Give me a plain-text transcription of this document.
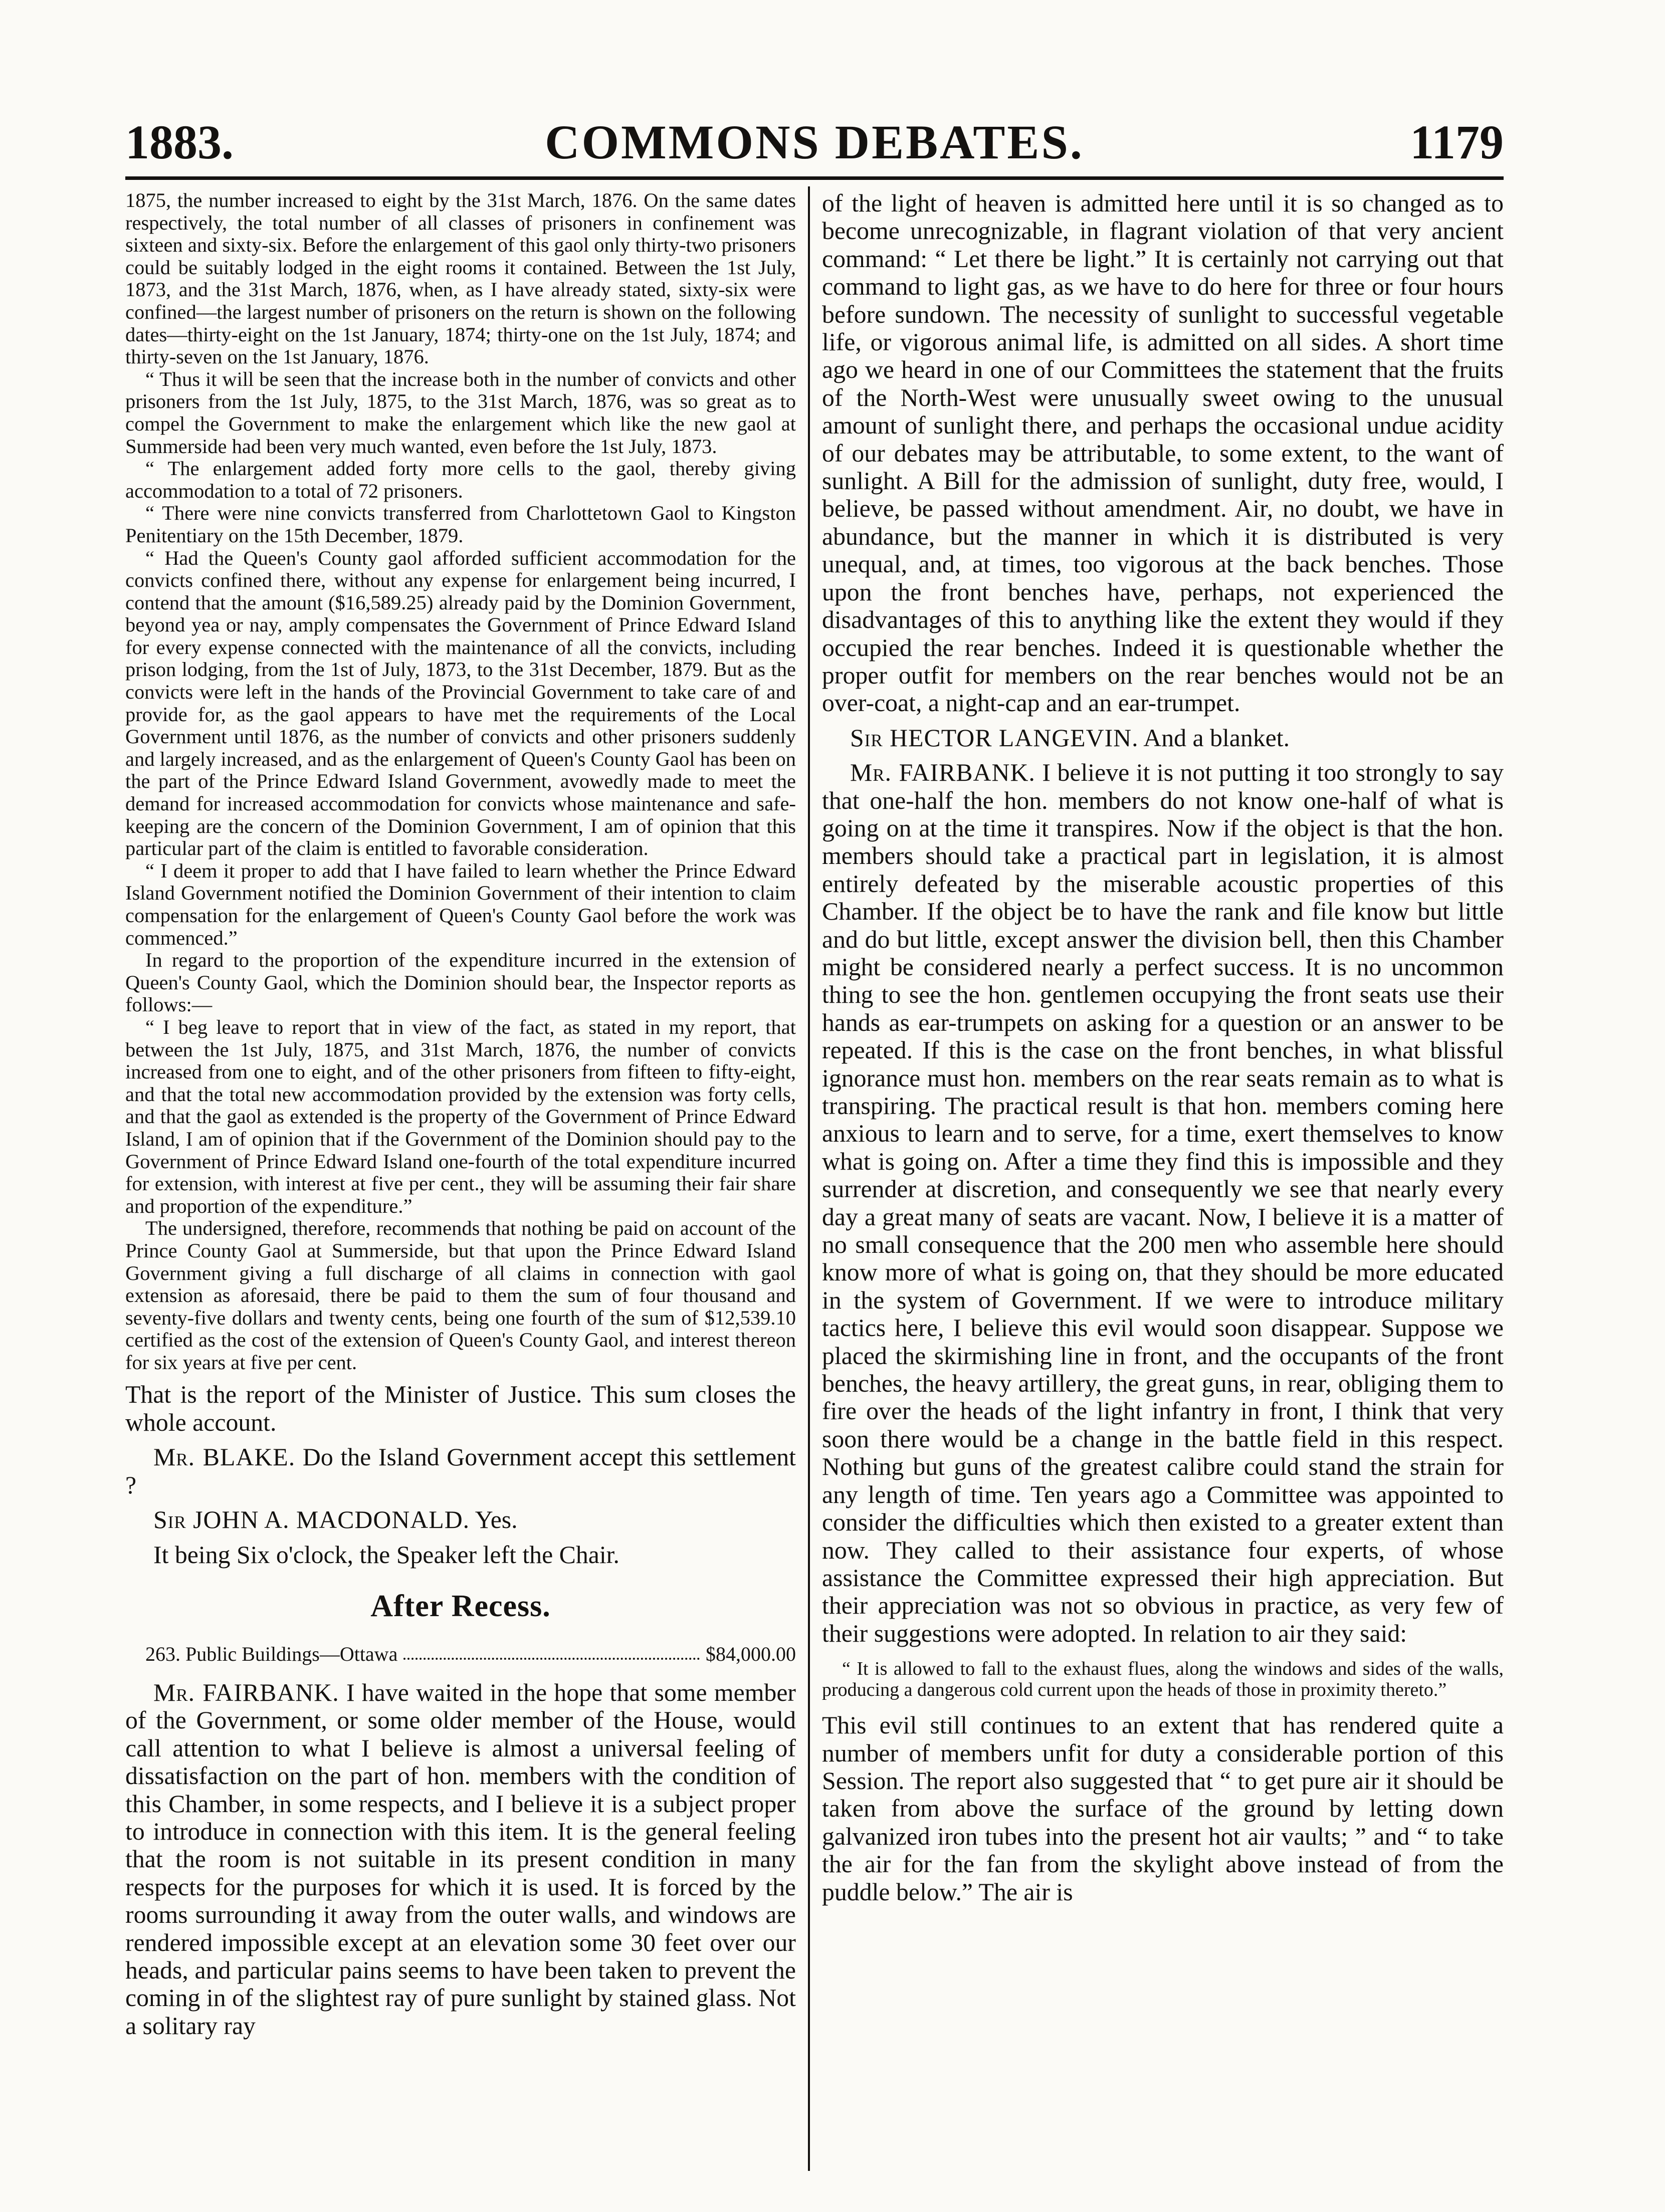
1883.	COMMONS DEBATES.	1179

1875, the number increased to eight by the 31st March, 1876. On the same dates respectively, the total number of all classes of prisoners in confinement was sixteen and sixty-six. Before the enlargement of this gaol only thirty-two prisoners could be suitably lodged in the eight rooms it contained. Between the 1st July, 1873, and the 31st March, 1876, when, as I have already stated, sixty-six were confined—the largest number of prisoners on the return is shown on the following dates—thirty-eight on the 1st January, 1874; thirty-one on the 1st July, 1874; and thirty-seven on the 1st January, 1876.

“ Thus it will be seen that the increase both in the number of convicts and other prisoners from the 1st July, 1875, to the 31st March, 1876, was so great as to compel the Government to make the enlargement which like the new gaol at Summerside had been very much wanted, even before the 1st July, 1873.

“ The enlargement added forty more cells to the gaol, thereby giving accommodation to a total of 72 prisoners.

“ There were nine convicts transferred from Charlottetown Gaol to Kingston Penitentiary on the 15th December, 1879.

“ Had the Queen's County gaol afforded sufficient accommodation for the convicts confined there, without any expense for enlargement being incurred, I contend that the amount ($16,589.25) already paid by the Dominion Government, beyond yea or nay, amply compensates the Government of Prince Edward Island for every expense connected with the maintenance of all the convicts, including prison lodging, from the 1st of July, 1873, to the 31st December, 1879. But as the convicts were left in the hands of the Provincial Government to take care of and provide for, as the gaol appears to have met the requirements of the Local Government until 1876, as the number of convicts and other prisoners suddenly and largely increased, and as the enlargement of Queen's County Gaol has been on the part of the Prince Edward Island Government, avowedly made to meet the demand for increased accommodation for convicts whose maintenance and safe-keeping are the concern of the Dominion Government, I am of opinion that this particular part of the claim is entitled to favorable consideration.

“ I deem it proper to add that I have failed to learn whether the Prince Edward Island Government notified the Dominion Government of their intention to claim compensation for the enlargement of Queen's County Gaol before the work was commenced.”

In regard to the proportion of the expenditure incurred in the extension of Queen's County Gaol, which the Dominion should bear, the Inspector reports as follows:—

“ I beg leave to report that in view of the fact, as stated in my report, that between the 1st July, 1875, and 31st March, 1876, the number of convicts increased from one to eight, and of the other prisoners from fifteen to fifty-eight, and that the total new accommodation provided by the extension was forty cells, and that the gaol as extended is the property of the Government of Prince Edward Island, I am of opinion that if the Government of the Dominion should pay to the Government of Prince Edward Island one-fourth of the total expenditure incurred for extension, with interest at five per cent., they will be assuming their fair share and proportion of the expenditure.”

The undersigned, therefore, recommends that nothing be paid on account of the Prince County Gaol at Summerside, but that upon the Prince Edward Island Government giving a full discharge of all claims in connection with gaol extension as aforesaid, there be paid to them the sum of four thousand and seventy-five dollars and twenty cents, being one fourth of the sum of $12,539.10 certified as the cost of the extension of Queen's County Gaol, and interest thereon for six years at five per cent.

That is the report of the Minister of Justice. This sum closes the whole account.

Mr. BLAKE. Do the Island Government accept this settlement ?

Sir JOHN A. MACDONALD. Yes.

It being Six o'clock, the Speaker left the Chair.

After Recess.
263. Public Buildings—Ottawa	$84,000.00

Mr. FAIRBANK. I have waited in the hope that some member of the Government, or some older member of the House, would call attention to what I believe is almost a universal feeling of dissatisfaction on the part of hon. members with the condition of this Chamber, in some respects, and I believe it is a subject proper to introduce in connection with this item. It is the general feeling that the room is not suitable in its present condition in many respects for the purposes for which it is used. It is forced by the rooms surrounding it away from the outer walls, and windows are rendered impossible except at an elevation some 30 feet over our heads, and particular pains seems to have been taken to prevent the coming in of the slightest ray of pure sunlight by stained glass. Not a solitary ray

of the light of heaven is admitted here until it is so changed as to become unrecognizable, in flagrant violation of that very ancient command: “ Let there be light.” It is certainly not carrying out that command to light gas, as we have to do here for three or four hours before sundown. The necessity of sunlight to successful vegetable life, or vigorous animal life, is admitted on all sides. A short time ago we heard in one of our Committees the statement that the fruits of the North-West were unusually sweet owing to the unusual amount of sunlight there, and perhaps the occasional undue acidity of our debates may be attributable, to some extent, to the want of sunlight. A Bill for the admission of sunlight, duty free, would, I believe, be passed without amendment. Air, no doubt, we have in abundance, but the manner in which it is distributed is very unequal, and, at times, too vigorous at the back benches. Those upon the front benches have, perhaps, not experienced the disadvantages of this to anything like the extent they would if they occupied the rear benches. Indeed it is questionable whether the proper outfit for members on the rear benches would not be an over-coat, a night-cap and an ear-trumpet.

Sir HECTOR LANGEVIN. And a blanket.

Mr. FAIRBANK. I believe it is not putting it too strongly to say that one-half the hon. members do not know one-half of what is going on at the time it transpires. Now if the object is that the hon. members should take a practical part in legislation, it is almost entirely defeated by the miserable acoustic properties of this Chamber. If the object be to have the rank and file know but little and do but little, except answer the division bell, then this Chamber might be considered nearly a perfect success. It is no uncommon thing to see the hon. gentlemen occupying the front seats use their hands as ear-trumpets on asking for a question or an answer to be repeated. If this is the case on the front benches, in what blissful ignorance must hon. members on the rear seats remain as to what is transpiring. The practical result is that hon. members coming here anxious to learn and to serve, for a time, exert themselves to know what is going on. After a time they find this is impossible and they surrender at discretion, and consequently we see that nearly every day a great many of seats are vacant. Now, I believe it is a matter of no small consequence that the 200 men who assemble here should know more of what is going on, that they should be more educated in the system of Government. If we were to introduce military tactics here, I believe this evil would soon disappear. Suppose we placed the skirmishing line in front, and the occupants of the front benches, the heavy artillery, the great guns, in rear, obliging them to fire over the heads of the light infantry in front, I think that very soon there would be a change in the battle field in this respect. Nothing but guns of the greatest calibre could stand the strain for any length of time. Ten years ago a Committee was appointed to consider the difficulties which then existed to a greater extent than now. They called to their assistance four experts, of whose assistance the Committee expressed their high appreciation. But their appreciation was not so obvious in practice, as very few of their suggestions were adopted. In relation to air they said:

“ It is allowed to fall to the exhaust flues, along the windows and sides of the walls, producing a dangerous cold current upon the heads of those in proximity thereto.”

This evil still continues to an extent that has rendered quite a number of members unfit for duty a considerable portion of this Session. The report also suggested that “ to get pure air it should be taken from above the surface of the ground by letting down galvanized iron tubes into the present hot air vaults; ” and “ to take the air for the fan from the skylight above instead of from the puddle below.” The air is
